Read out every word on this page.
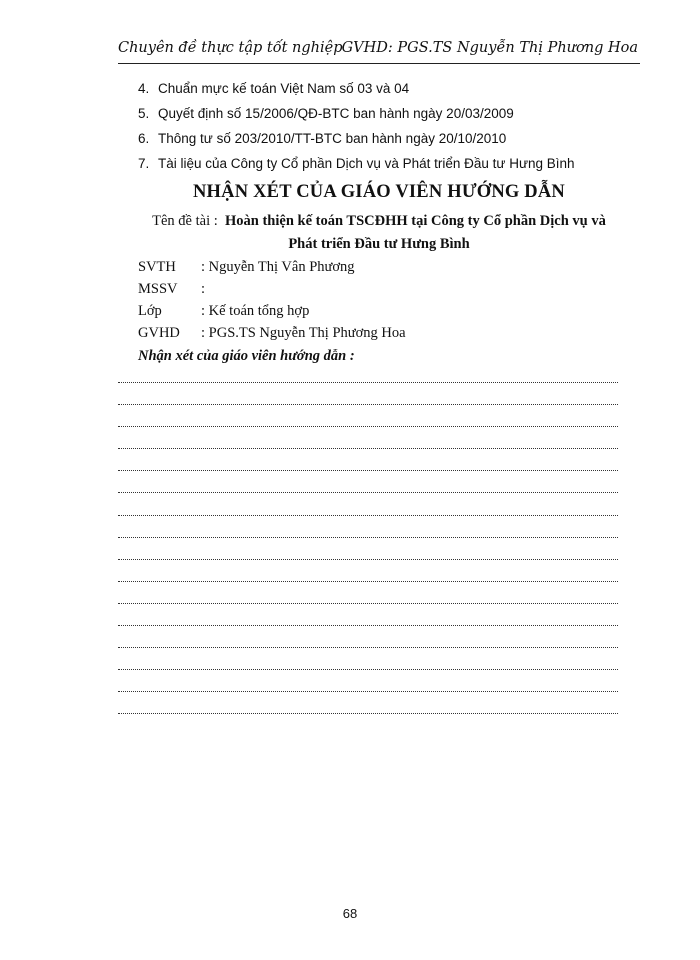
Chuyên đề thực tập tốt nghiệp GVHD: PGS.TS Nguyễn Thị Phương Hoa
4. Chuẩn mực kế toán Việt Nam số 03 và 04
5. Quyết định số 15/2006/QĐ-BTC ban hành ngày 20/03/2009
6. Thông tư số 203/2010/TT-BTC ban hành ngày 20/10/2010
7. Tài liệu của Công ty Cổ phần Dịch vụ và Phát triển Đầu tư Hưng Bình
NHẬN XÉT CỦA GIÁO VIÊN HƯỚNG DẪN
Tên đề tài : Hoàn thiện kế toán TSCĐHH tại Công ty Cổ phần Dịch vụ và
Phát triển Đầu tư Hưng Bình
SVTH : Nguyễn Thị Vân Phương
MSSV :
Lớp	: Kế toán tổng hợp
GVHD : PGS.TS Nguyễn Thị Phương Hoa
Nhận xét của giáo viên hướng dẫn :
68
